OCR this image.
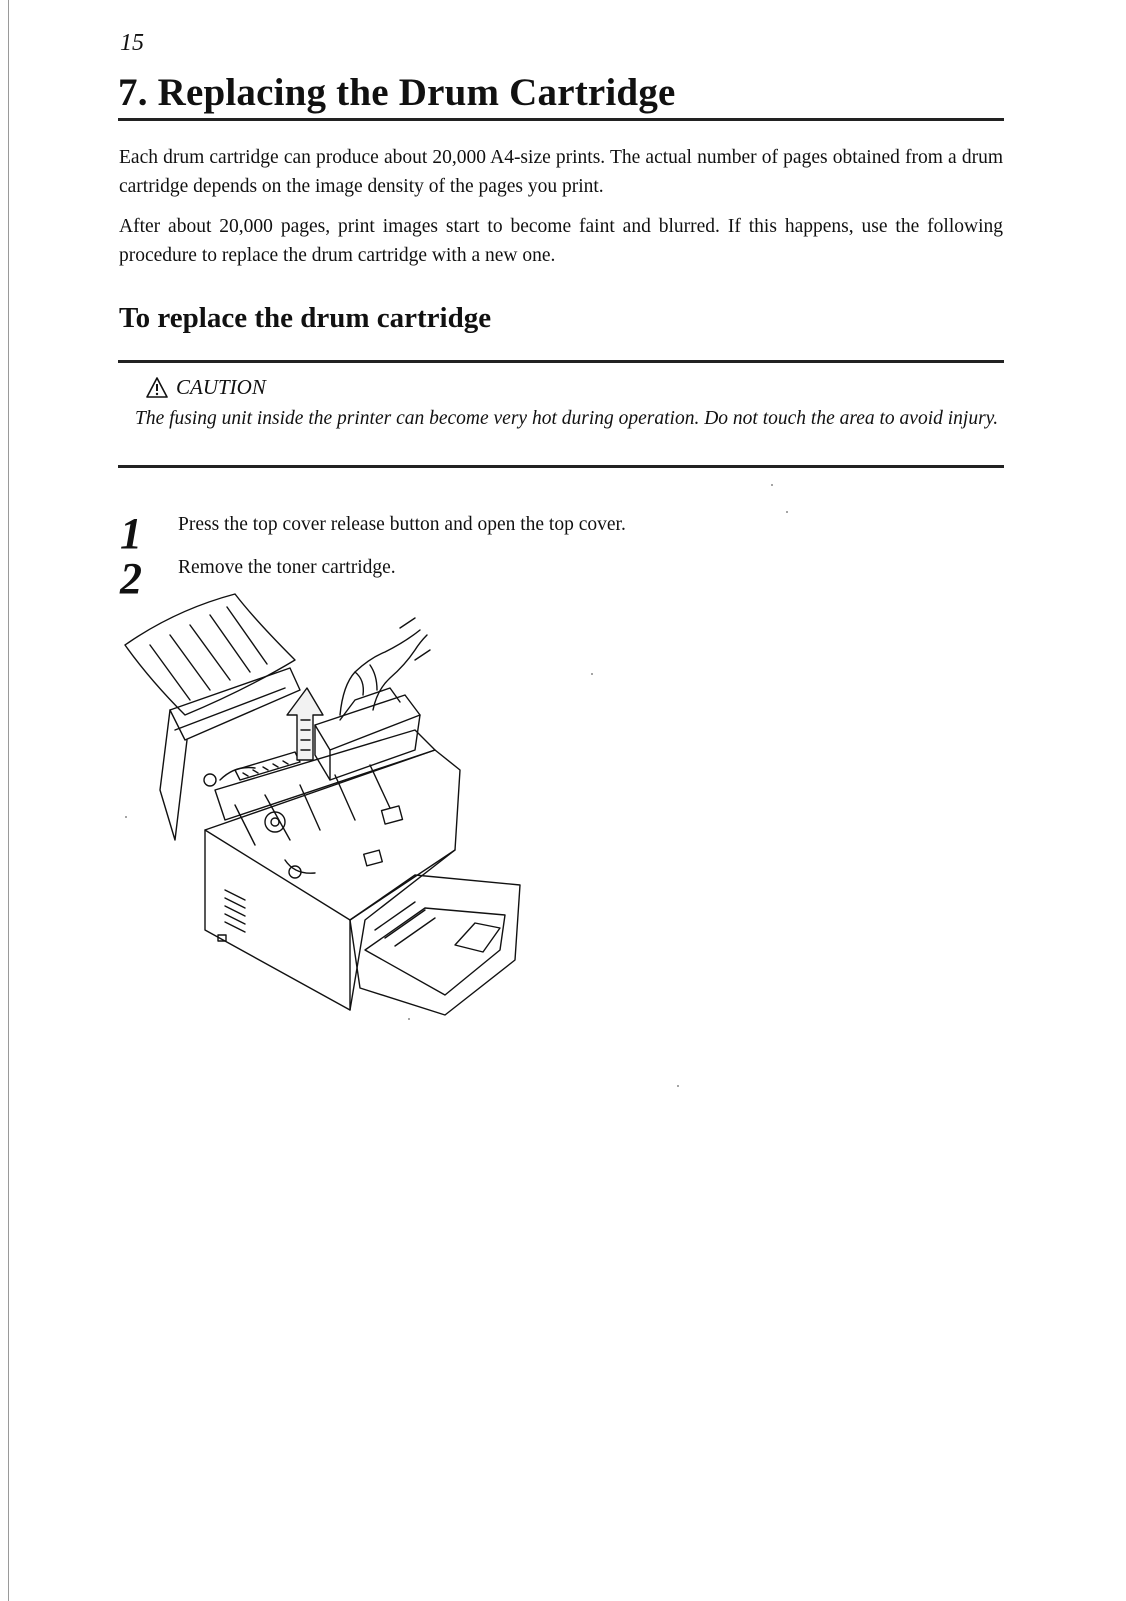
15
7. Replacing the Drum Cartridge

Each drum cartridge can produce about 20,000 A4-size prints. The actual number of pages obtained from a drum cartridge depends on the image density of the pages you print.

After about 20,000 pages, print images start to become faint and blurred. If this happens, use the following procedure to replace the drum cartridge with a new one.

To replace the drum cartridge
CAUTION

The fusing unit inside the printer can become very hot during operation. Do not touch the area to avoid injury.

1 Press the top cover release button and open the top cover.
2 Remove the toner cartridge.
